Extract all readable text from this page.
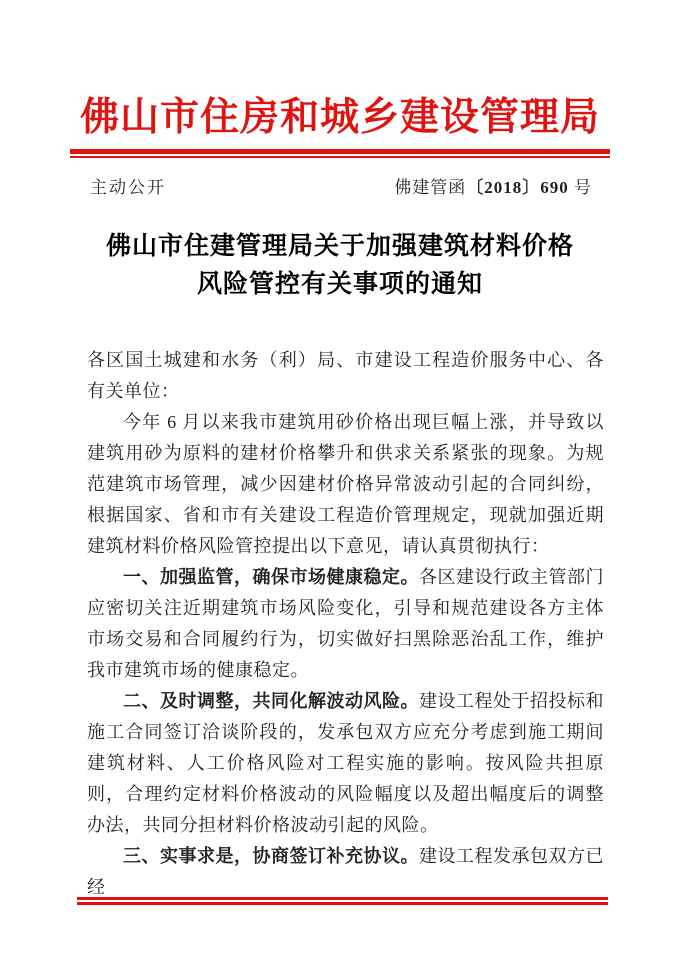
佛山市住房和城乡建设管理局
主动公开	佛建管函〔2018〕690 号
佛山市住建管理局关于加强建筑材料价格
风险管控有关事项的通知

各区国土城建和水务（利）局、市建设工程造价服务中心、各有关单位：

今年 6 月以来我市建筑用砂价格出现巨幅上涨，并导致以建筑用砂为原料的建材价格攀升和供求关系紧张的现象。为规范建筑市场管理，减少因建材价格异常波动引起的合同纠纷，根据国家、省和市有关建设工程造价管理规定，现就加强近期建筑材料价格风险管控提出以下意见，请认真贯彻执行：

一、加强监管，确保市场健康稳定。各区建设行政主管部门应密切关注近期建筑市场风险变化，引导和规范建设各方主体市场交易和合同履约行为，切实做好扫黑除恶治乱工作，维护我市建筑市场的健康稳定。

二、及时调整，共同化解波动风险。建设工程处于招投标和施工合同签订洽谈阶段的，发承包双方应充分考虑到施工期间建筑材料、人工价格风险对工程实施的影响。按风险共担原则，合理约定材料价格波动的风险幅度以及超出幅度后的调整办法，共同分担材料价格波动引起的风险。

三、实事求是，协商签订补充协议。建设工程发承包双方已经
